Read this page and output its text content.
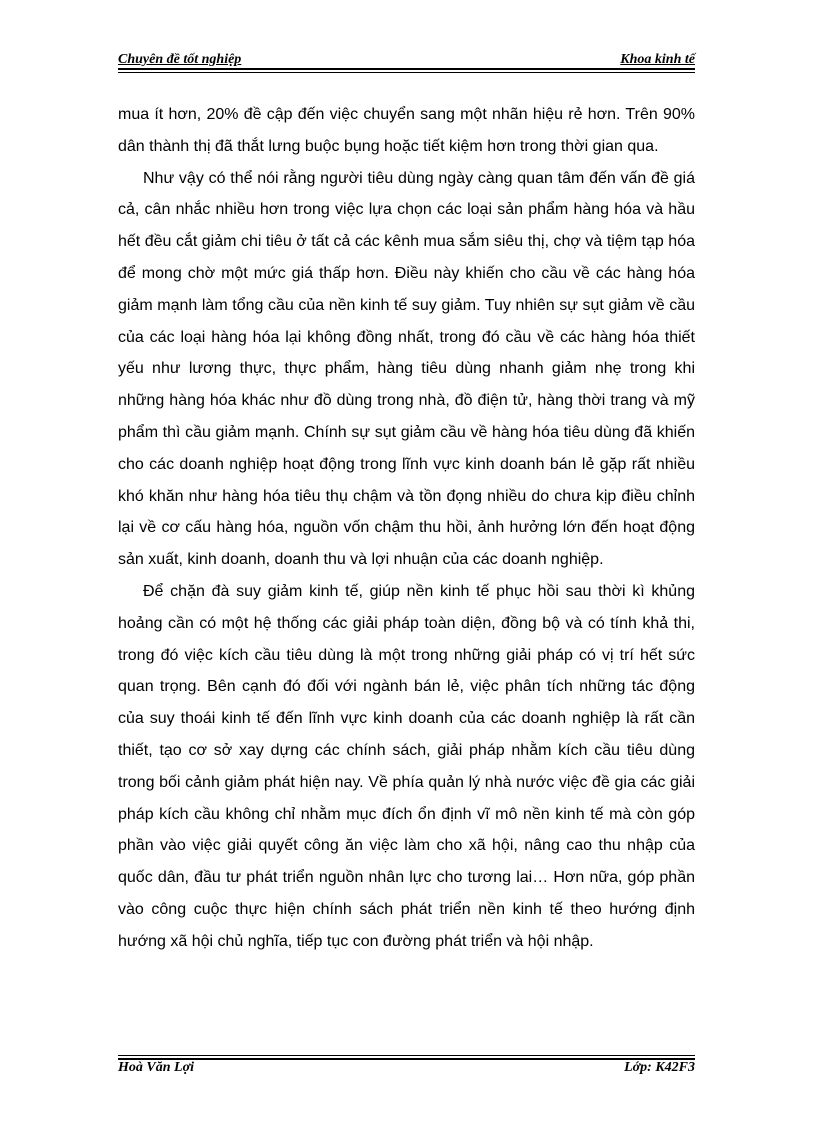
Chuyên đề tốt nghiệp	Khoa kinh tế

mua ít hơn, 20% đề cập đến việc chuyển sang một nhãn hiệu rẻ hơn. Trên 90% dân thành thị đã thắt lưng buộc bụng hoặc tiết kiệm hơn trong thời gian qua.

Như vậy có thể nói rằng người tiêu dùng ngày càng quan tâm đến vấn đề giá cả, cân nhắc nhiều hơn trong việc lựa chọn các loại sản phẩm hàng hóa và hầu hết đều cắt giảm chi tiêu ở tất cả các kênh mua sắm siêu thị, chợ và tiệm tạp hóa để mong chờ một mức giá thấp hơn. Điều này khiến cho cầu về các hàng hóa giảm mạnh làm tổng cầu của nền kinh tế suy giảm. Tuy nhiên sự sụt giảm về cầu của các loại hàng hóa lại không đồng nhất, trong đó cầu về các hàng hóa thiết yếu như lương thực, thực phẩm, hàng tiêu dùng nhanh giảm nhẹ trong khi những hàng hóa khác như đồ dùng trong nhà, đồ điện tử, hàng thời trang và mỹ phẩm thì cầu giảm mạnh. Chính sự sụt giảm cầu về hàng hóa tiêu dùng đã khiến cho các doanh nghiệp hoạt động trong lĩnh vực kinh doanh bán lẻ gặp rất nhiều khó khăn như hàng hóa tiêu thụ chậm và tồn đọng nhiều do chưa kịp điều chỉnh lại về cơ cấu hàng hóa, nguồn vốn chậm thu hồi, ảnh hưởng lớn đến hoạt động sản xuất, kinh doanh, doanh thu và lợi nhuận của các doanh nghiệp.

Để chặn đà suy giảm kinh tế, giúp nền kinh tế phục hồi sau thời kì khủng hoảng cần có một hệ thống các giải pháp toàn diện, đồng bộ và có tính khả thi, trong đó việc kích cầu tiêu dùng là một trong những giải pháp có vị trí hết sức quan trọng. Bên cạnh đó đối với ngành bán lẻ, việc phân tích những tác động của suy thoái kinh tế đến lĩnh vực kinh doanh của các doanh nghiệp là rất cần thiết, tạo cơ sở xay dựng các chính sách, giải pháp nhằm kích cầu tiêu dùng trong bối cảnh giảm phát hiện nay. Về phía quản lý nhà nước việc đề gia các giải pháp kích cầu không chỉ nhằm mục đích ổn định vĩ mô nền kinh tế mà còn góp phần vào việc giải quyết công ăn việc làm cho xã hội, nâng cao thu nhập của quốc dân, đầu tư phát triển nguồn nhân lực cho tương lai… Hơn nữa, góp phần vào công cuộc thực hiện chính sách phát triển nền kinh tế theo hướng định hướng xã hội chủ nghĩa, tiếp tục con đường phát triển và hội nhập.

Hoà Văn Lợi	Lớp: K42F3
